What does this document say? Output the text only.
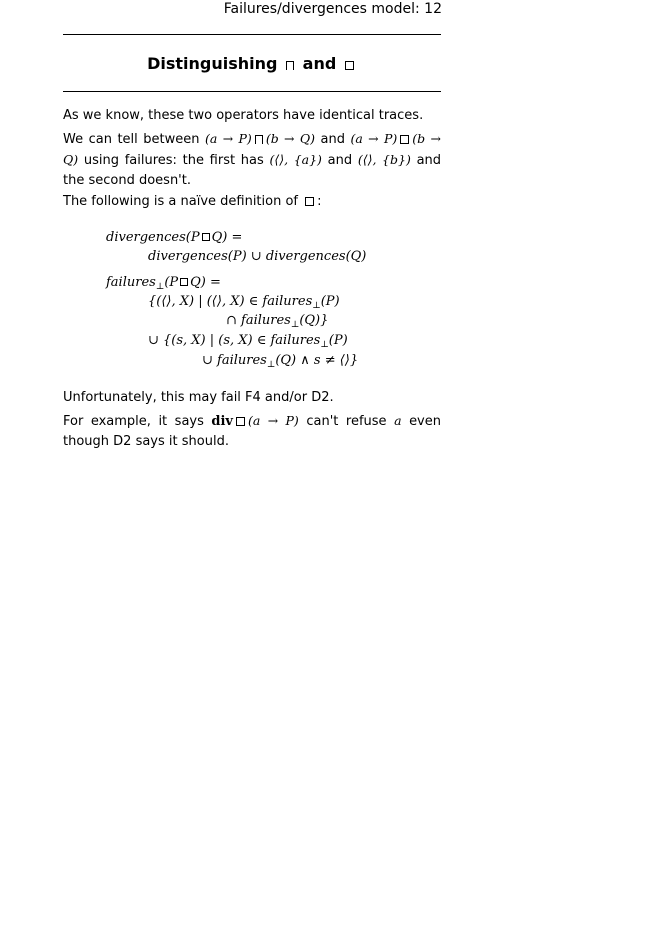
Failures/divergences model: 12
Distinguishing and

As we know, these two operators have identical traces.

We can tell between (a → P) (b → Q) and (a → P) (b → Q) using failures: the first has (⟨⟩, {a}) and (⟨⟩, {b}) and the second doesn't.

The following is a naïve definition of :

divergences(P Q) =
divergences(P) ∪ divergences(Q)
failures$_\perp$(P Q) =
{(⟨⟩, X) | (⟨⟩, X) ∈ failures$_\perp$(P)
∩ failures$_\perp$(Q)}
∪ {(s, X) | (s, X) ∈ failures$_\perp$(P)
∪ failures$_\perp$(Q) ∧ s ≠ ⟨⟩}

Unfortunately, this may fail F4 and/or D2.

For example, it says div (a → P) can't refuse a even though D2 says it should.
